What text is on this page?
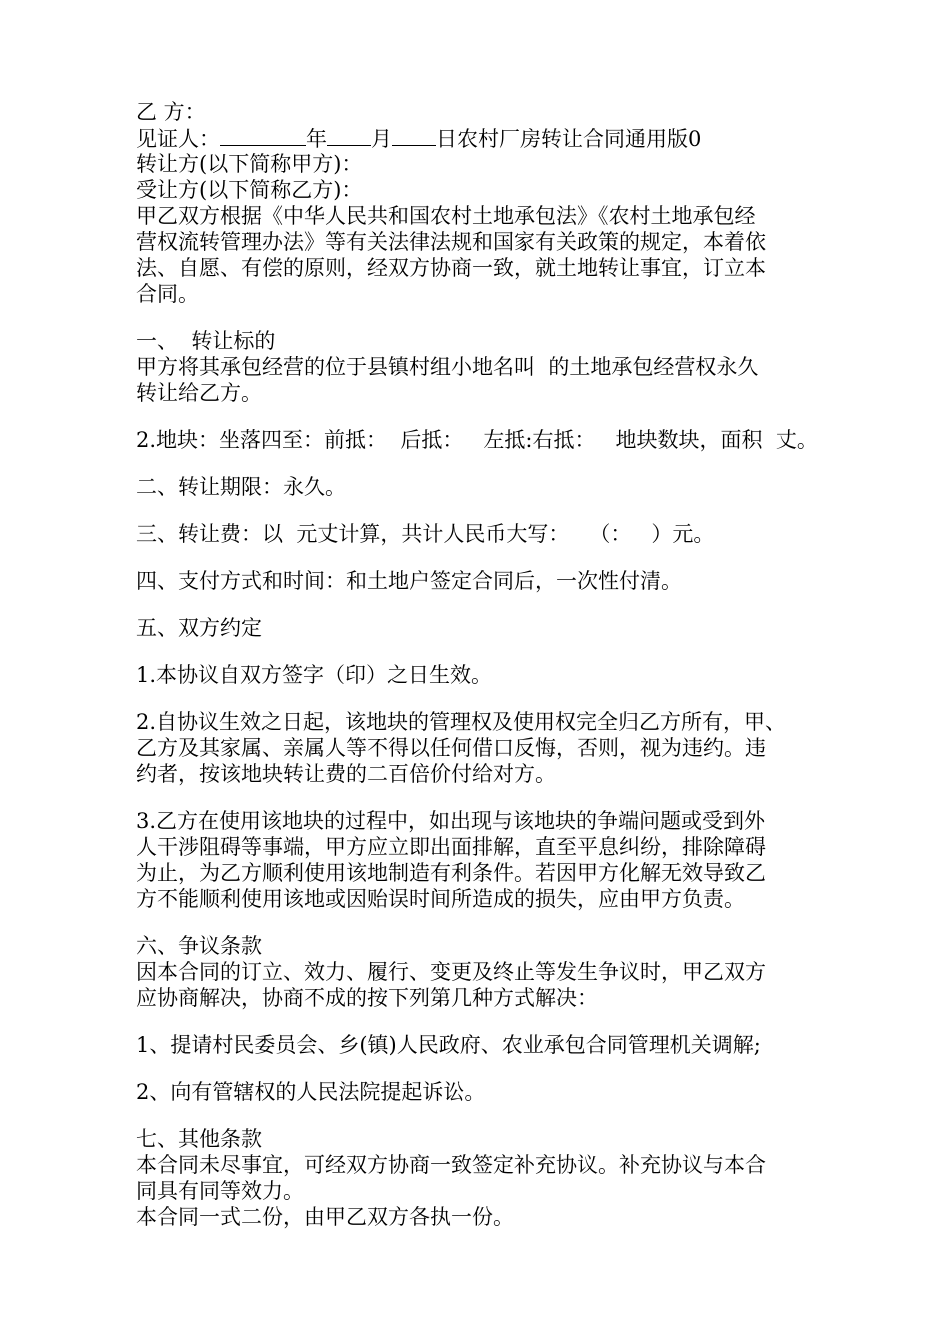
乙 方：
见证人：	年 月 日农村厂房转让合同通用版0
转让方(以下简称甲方)：
受让方(以下简称乙方)：
甲乙双方根据《中华人民共和国农村土地承包法》《农村土地承包经
营权流转管理办法》等有关法律法规和国家有关政策的规定，本着依
法、自愿、有偿的原则，经双方协商一致，就土地转让事宜，订立本
合同。
一、  转让标的
甲方将其承包经营的位于县镇村组小地名叫  的土地承包经营权永久
转让给乙方。
2.地块：坐落四至：前抵：  后抵：   左抵:右抵：   地块数块，面积  丈。
二、转让期限：永久。
三、转让费：以  元丈计算，共计人民币大写：   （：   ）元。
四、支付方式和时间：和土地户签定合同后，一次性付清。
五、双方约定
1.本协议自双方签字（印）之日生效。
2.自协议生效之日起，该地块的管理权及使用权完全归乙方所有，甲、
乙方及其家属、亲属人等不得以任何借口反悔，否则，视为违约。违
约者，按该地块转让费的二百倍价付给对方。
3.乙方在使用该地块的过程中，如出现与该地块的争端问题或受到外
人干涉阻碍等事端，甲方应立即出面排解，直至平息纠纷，排除障碍
为止，为乙方顺利使用该地制造有利条件。若因甲方化解无效导致乙
方不能顺利使用该地或因贻误时间所造成的损失，应由甲方负责。
六、争议条款
因本合同的订立、效力、履行、变更及终止等发生争议时，甲乙双方
应协商解决，协商不成的按下列第几种方式解决：
1、提请村民委员会、乡(镇)人民政府、农业承包合同管理机关调解;
2、向有管辖权的人民法院提起诉讼。
七、其他条款
本合同未尽事宜，可经双方协商一致签定补充协议。补充协议与本合
同具有同等效力。
本合同一式二份，由甲乙双方各执一份。
